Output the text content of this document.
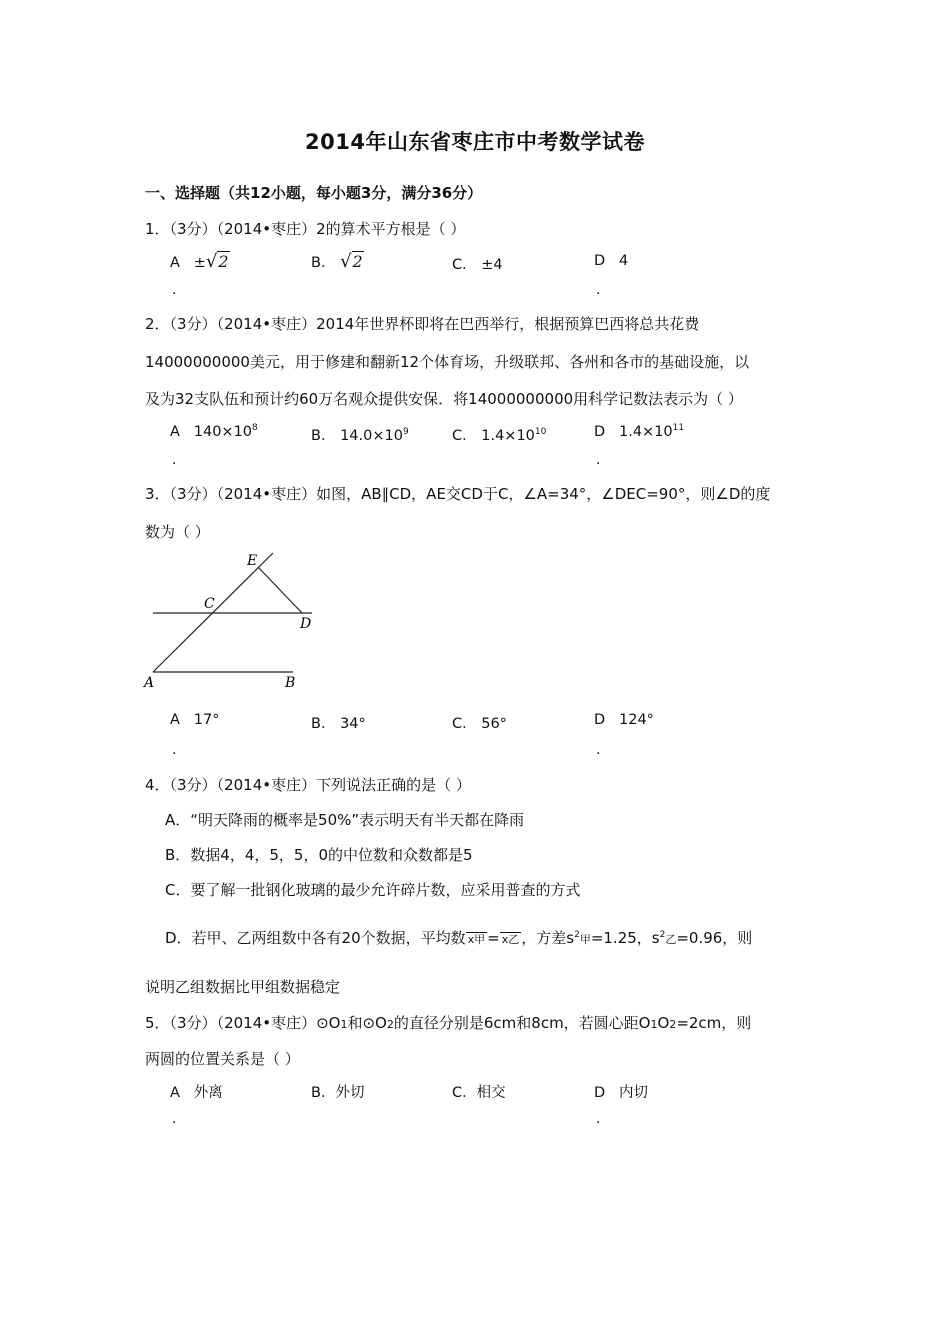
2014年山东省枣庄市中考数学试卷
一、选择题（共12小题，每小题3分，满分36分）
1．（3分）（2014•枣庄）2的算术平方根是（ ）
A ±√2	B． √2	C． ±4	D 4
.	.
2．（3分）（2014•枣庄）2014年世界杯即将在巴西举行，根据预算巴西将总共花费
14000000000美元，用于修建和翻新12个体育场，升级联邦、各州和各市的基础设施，以
及为32支队伍和预计约60万名观众提供安保．将14000000000用科学记数法表示为（ ）
A $140\times 10^8$	B． $14.0\times 10^9$	C． $1.4\times 10^{10}$	D $1.4\times 10^{11}$
.	.
3．（3分）（2014•枣庄）如图，AB∥CD，AE交CD于C，∠A=34°，∠DEC=90°，则∠D的度
数为（ ）
E
C
D
A	B
A 17°	B． 34°	C． 56°	D 124°
.	.
4．（3分）（2014•枣庄）下列说法正确的是（ ）
A．“明天降雨的概率是50%”表示明天有半天都在降雨
B．数据4，4，5，5，0的中位数和众数都是5
C．要了解一批钢化玻璃的最少允许碎片数，应采用普查的方式
D．若甲、乙两组数中各有20个数据，平均数 x甲 = x乙 ，方差$s^2$甲=1.25，$s^2$乙=0.96，则
说明乙组数据比甲组数据稳定
5．（3分）（2014•枣庄）⊙O1和⊙O2的直径分别是6cm和8cm，若圆心距O1O2=2cm，则
两圆的位置关系是（ ）
A 外离	B．外切	C．相交	D 内切
.	.
